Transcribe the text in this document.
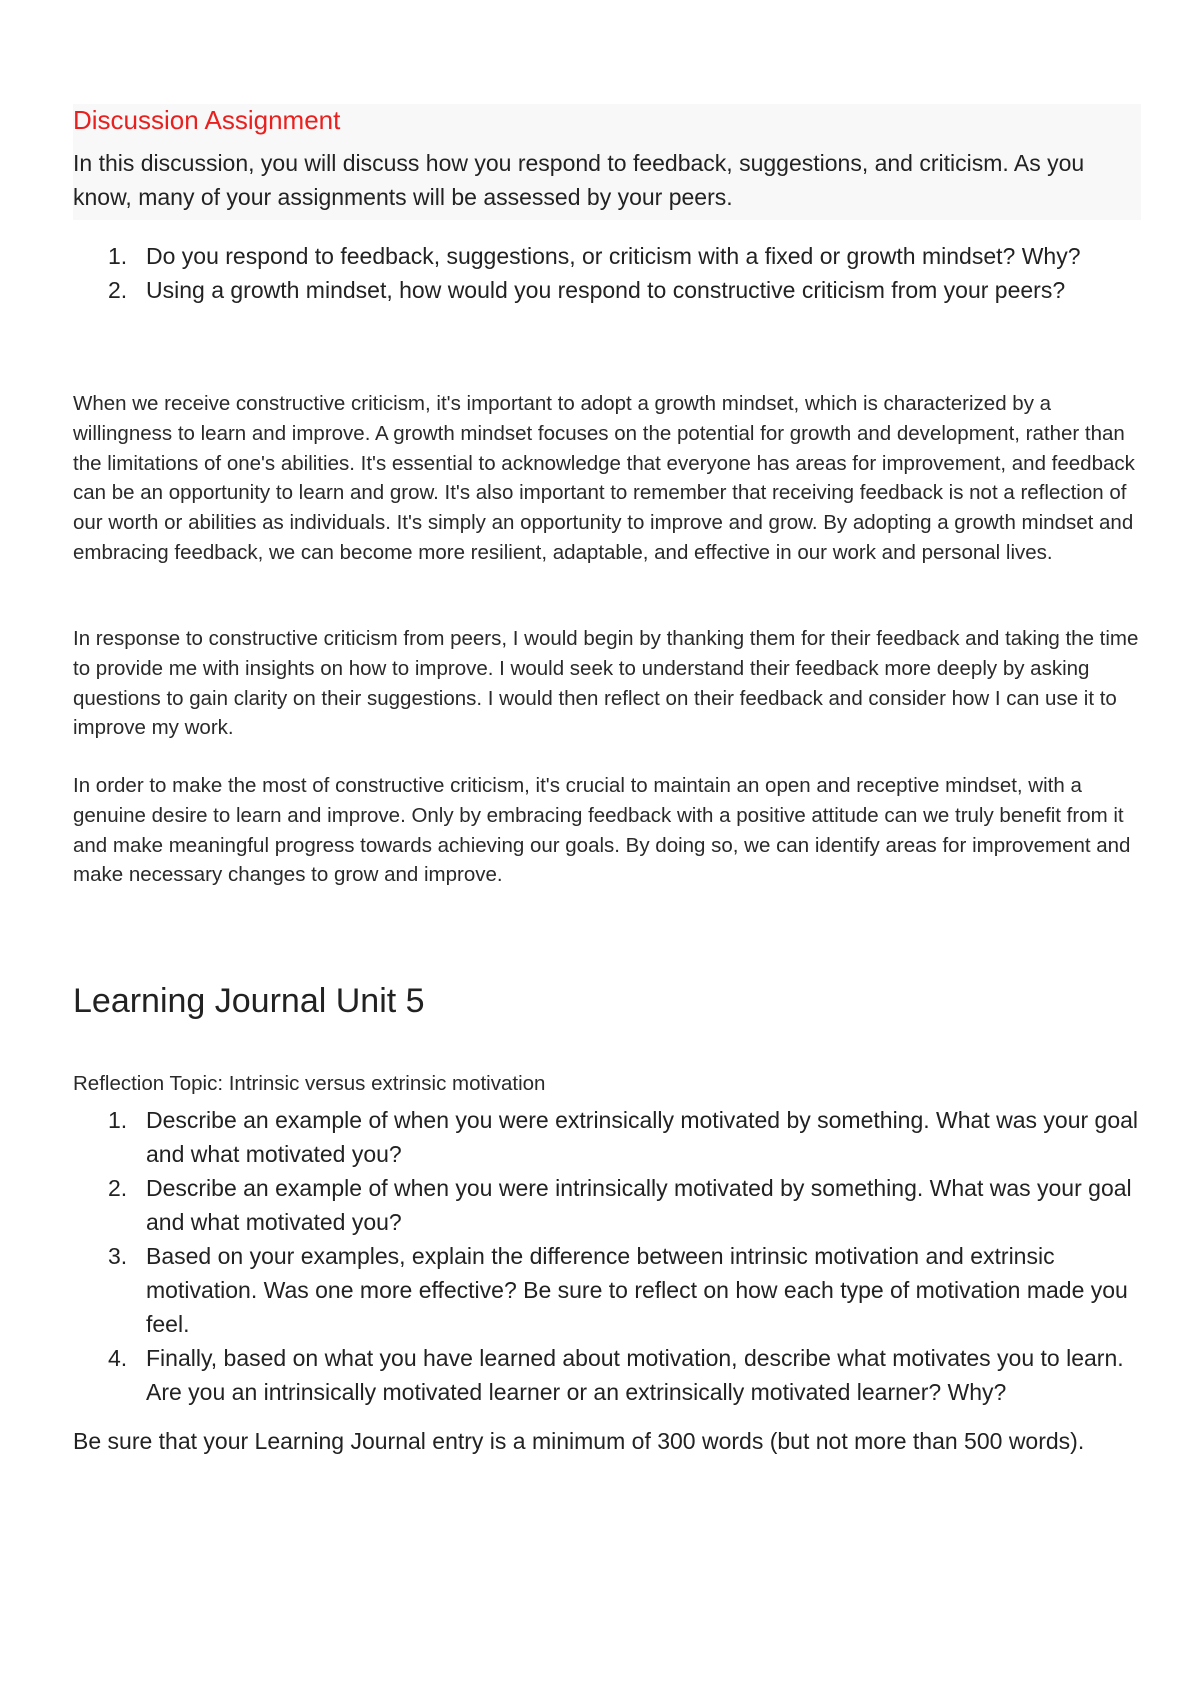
Discussion Assignment
In this discussion, you will discuss how you respond to feedback, suggestions, and criticism. As you know, many of your assignments will be assessed by your peers.
Do you respond to feedback, suggestions, or criticism with a fixed or growth mindset? Why?
Using a growth mindset, how would you respond to constructive criticism from your peers?

When we receive constructive criticism, it's important to adopt a growth mindset, which is characterized by a willingness to learn and improve. A growth mindset focuses on the potential for growth and development, rather than the limitations of one's abilities. It's essential to acknowledge that everyone has areas for improvement, and feedback can be an opportunity to learn and grow. It's also important to remember that receiving feedback is not a reflection of our worth or abilities as individuals. It's simply an opportunity to improve and grow. By adopting a growth mindset and embracing feedback, we can become more resilient, adaptable, and effective in our work and personal lives.

In response to constructive criticism from peers, I would begin by thanking them for their feedback and taking the time to provide me with insights on how to improve. I would seek to understand their feedback more deeply by asking questions to gain clarity on their suggestions. I would then reflect on their feedback and consider how I can use it to improve my work.

In order to make the most of constructive criticism, it's crucial to maintain an open and receptive mindset, with a genuine desire to learn and improve. Only by embracing feedback with a positive attitude can we truly benefit from it and make meaningful progress towards achieving our goals. By doing so, we can identify areas for improvement and make necessary changes to grow and improve.

Learning Journal Unit 5
Reflection Topic: Intrinsic versus extrinsic motivation
Describe an example of when you were extrinsically motivated by something. What was your goal and what motivated you?
Describe an example of when you were intrinsically motivated by something. What was your goal and what motivated you?
Based on your examples, explain the difference between intrinsic motivation and extrinsic motivation. Was one more effective? Be sure to reflect on how each type of motivation made you feel.
Finally, based on what you have learned about motivation, describe what motivates you to learn. Are you an intrinsically motivated learner or an extrinsically motivated learner? Why?
Be sure that your Learning Journal entry is a minimum of 300 words (but not more than 500 words).
